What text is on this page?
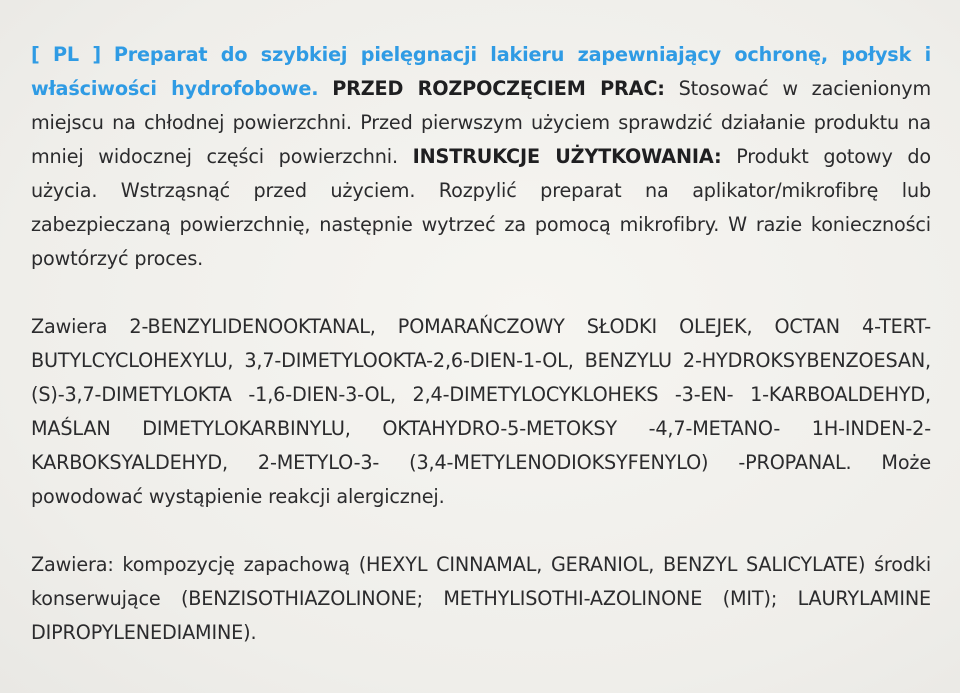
[ PL ] Preparat do szybkiej pielęgnacji lakieru zapewniający ochronę, połysk i właściwości hydrofobowe. PRZED ROZPOCZĘCIEM PRAC: Stosować w zacienionym miejscu na chłodnej powierzchni. Przed pierwszym użyciem sprawdzić działanie produktu na mniej widocznej części powierzchni. INSTRUKCJE UŻYTKOWANIA: Produkt gotowy do użycia. Wstrząsnąć przed użyciem. Rozpylić preparat na aplikator/mikrofibrę lub zabezpieczaną powierzchnię, następnie wytrzeć za pomocą mikrofibry. W razie konieczności powtórzyć proces.

Zawiera 2-BENZYLIDENOOKTANAL, POMARAŃCZOWY SŁODKI OLEJEK, OCTAN 4-TERT-BUTYLCYCLOHEXYLU, 3,7-DIMETYLOOKTA-2,6-DIEN-1-OL, BENZYLU 2-HYDROKSYBENZOESAN, (S)-3,7-DIMETYLOKTA -1,6-DIEN-3-OL, 2,4-DIMETYLOCYKLOHEKS -3-EN- 1-KARBOALDEHYD, MAŚLAN DIMETYLOKARBINYLU, OKTAHYDRO-5-METOKSY -4,7-METANO- 1H-INDEN-2-KARBOKSYALDEHYD, 2-METYLO-3- (3,4-METYLENODIOKSYFENYLO) -PROPANAL. Może powodować wystąpienie reakcji alergicznej.

Zawiera: kompozycję zapachową (HEXYL CINNAMAL, GERANIOL, BENZYL SALICYLATE) środki konserwujące (BENZISOTHIAZOLINONE; METHYLISOTHI-AZOLINONE (MIT); LAURYLAMINE DIPROPYLENEDIAMINE).
